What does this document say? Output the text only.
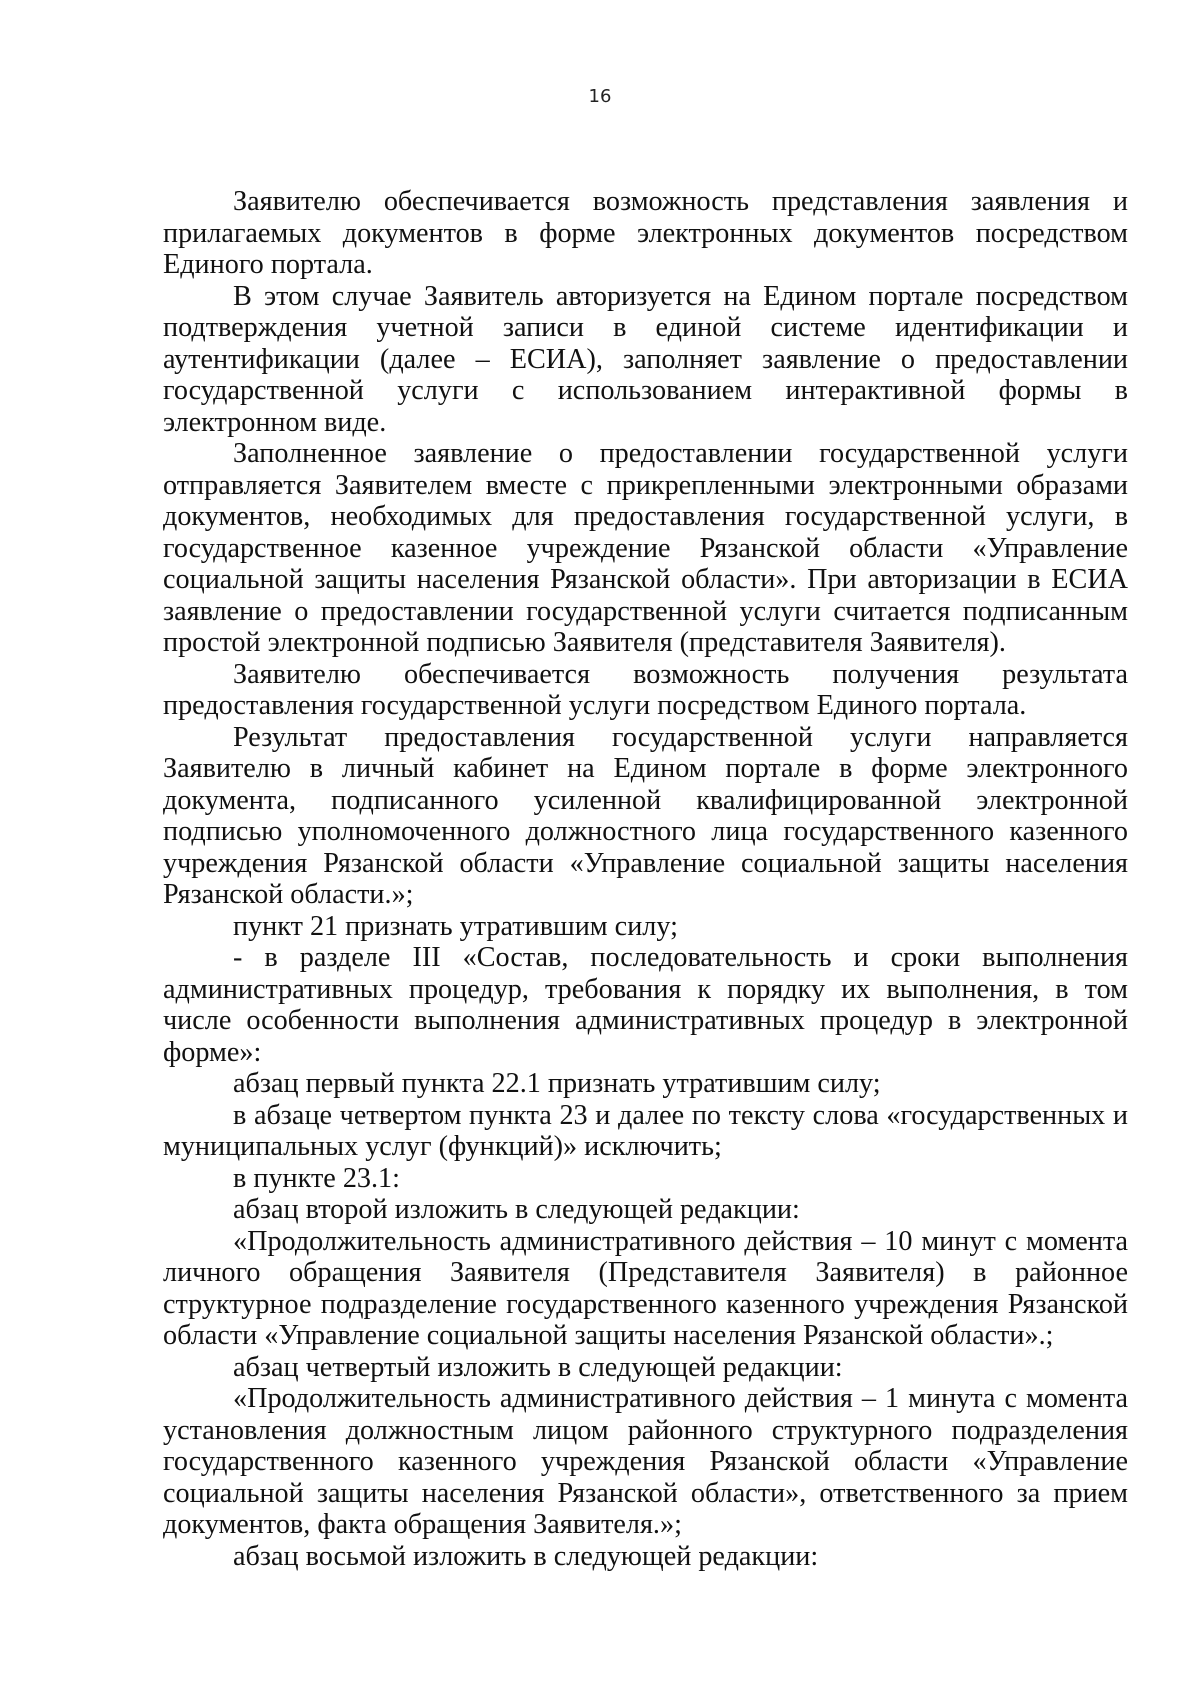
16

Заявителю обеспечивается возможность представления заявления и прилагаемых документов в форме электронных документов посредством Единого портала.

В этом случае Заявитель авторизуется на Едином портале посредством подтверждения учетной записи в единой системе идентификации и аутентификации (далее – ЕСИА), заполняет заявление о предоставлении государственной услуги с использованием интерактивной формы в электронном виде.

Заполненное заявление о предоставлении государственной услуги отправляется Заявителем вместе с прикрепленными электронными образами документов, необходимых для предоставления государственной услуги, в государственное казенное учреждение Рязанской области «Управление социальной защиты населения Рязанской области». При авторизации в ЕСИА заявление о предоставлении государственной услуги считается подписанным простой электронной подписью Заявителя (представителя Заявителя).

Заявителю обеспечивается возможность получения результата предоставления государственной услуги посредством Единого портала.

Результат предоставления государственной услуги направляется Заявителю в личный кабинет на Едином портале в форме электронного документа, подписанного усиленной квалифицированной электронной подписью уполномоченного должностного лица государственного казенного учреждения Рязанской области «Управление социальной защиты населения Рязанской области.»;

пункт 21 признать утратившим силу;

- в разделе III «Состав, последовательность и сроки выполнения административных процедур, требования к порядку их выполнения, в том числе особенности выполнения административных процедур в электронной форме»:

абзац первый пункта 22.1 признать утратившим силу;

в абзаце четвертом пункта 23 и далее по тексту слова «государственных и муниципальных услуг (функций)» исключить;

в пункте 23.1:

абзац второй изложить в следующей редакции:

«Продолжительность административного действия – 10 минут с момента личного обращения Заявителя (Представителя Заявителя) в районное структурное подразделение государственного казенного учреждения Рязанской области «Управление социальной защиты населения Рязанской области».;

абзац четвертый изложить в следующей редакции:

«Продолжительность административного действия – 1 минута с момента установления должностным лицом районного структурного подразделения государственного казенного учреждения Рязанской области «Управление социальной защиты населения Рязанской области», ответственного за прием документов, факта обращения Заявителя.»;

абзац восьмой изложить в следующей редакции:
